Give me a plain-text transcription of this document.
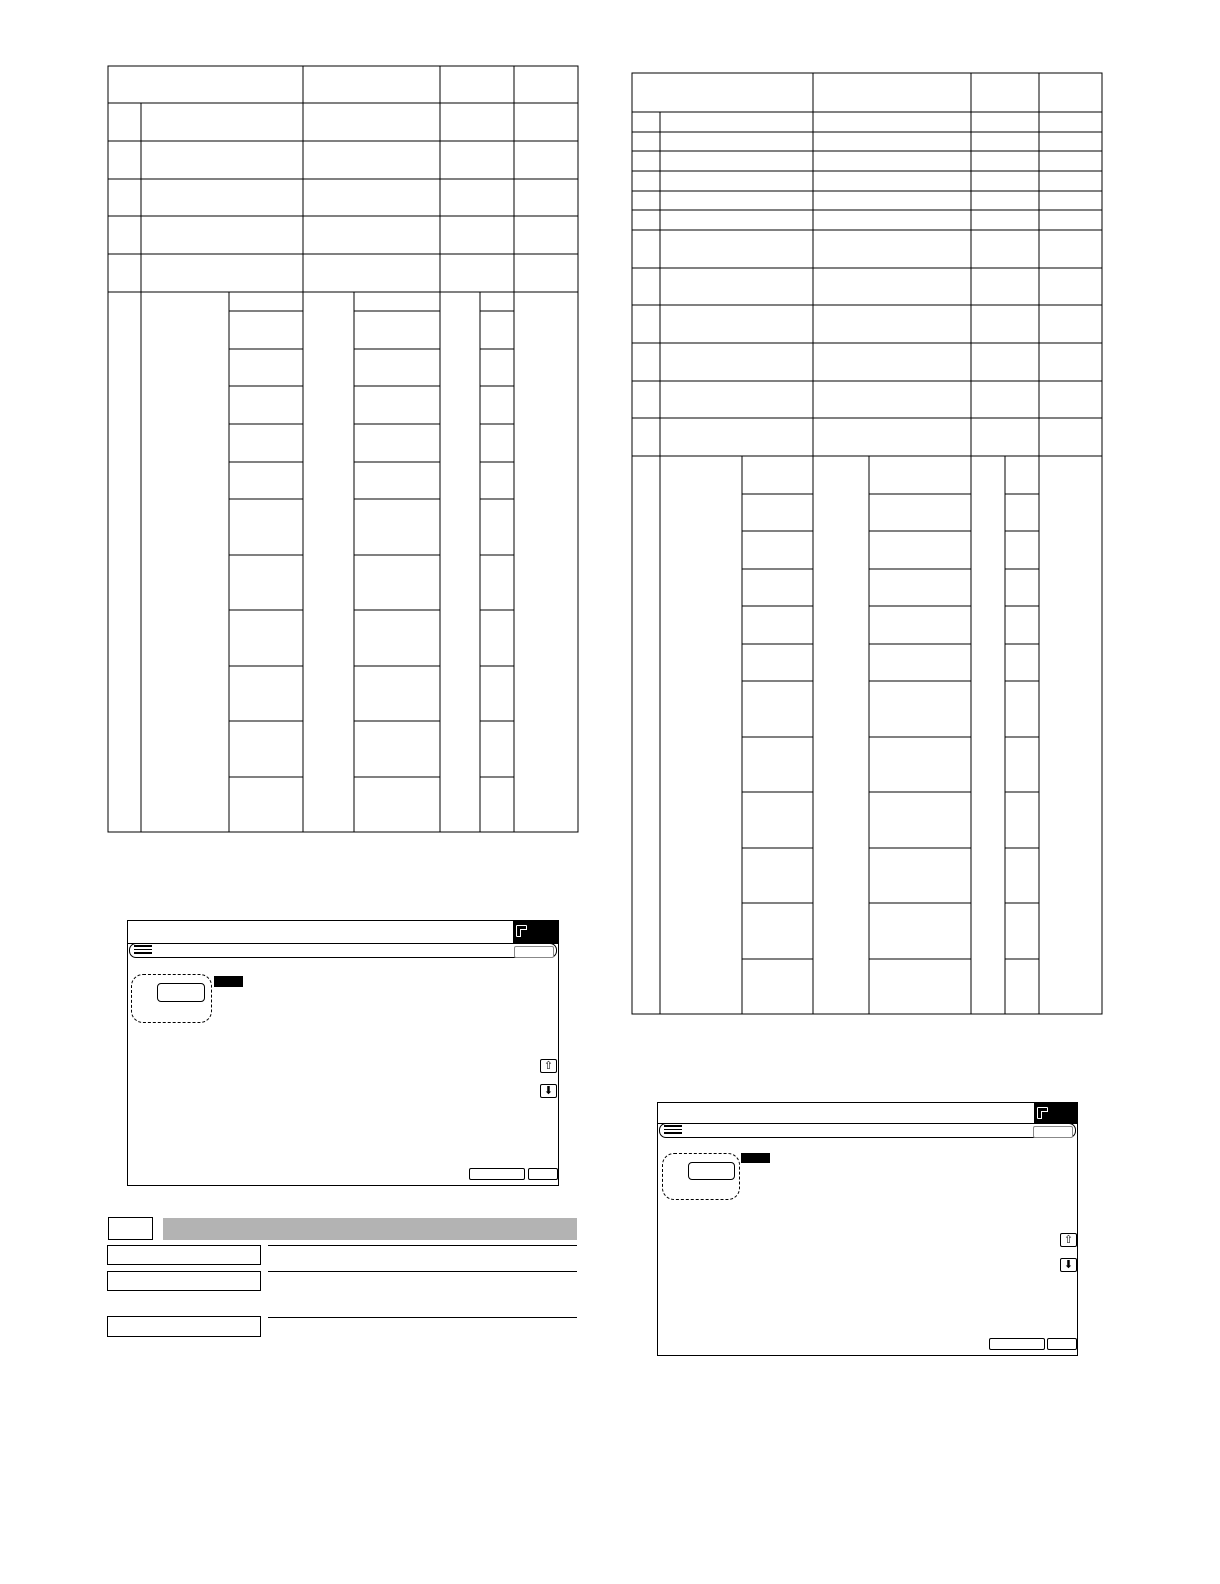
⇧
⬇
⇧
⬇
